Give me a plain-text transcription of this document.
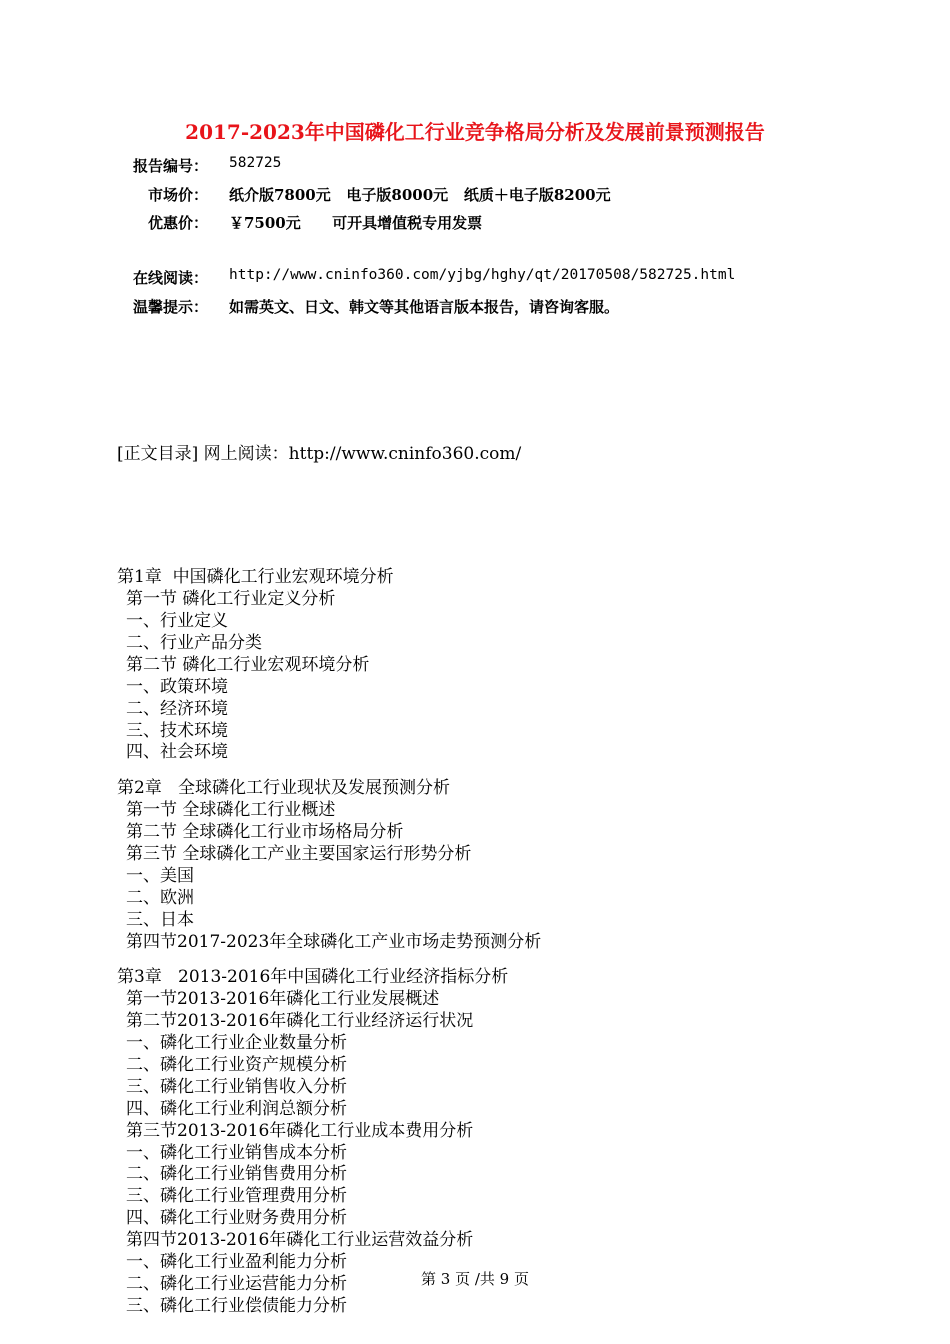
2017-2023年中国磷化工行业竞争格局分析及发展前景预测报告
报告编号： 582725
市场价： 纸介版7800元   电子版8000元   纸质＋电子版8200元
优惠价： ￥7500元      可开具增值税专用发票
在线阅读： http://www.cninfo360.com/yjbg/hghy/qt/20170508/582725.html
温馨提示： 如需英文、日文、韩文等其他语言版本报告，请咨询客服。

[正文目录] 网上阅读：http://www.cninfo360.com/

第1章  中国磷化工行业宏观环境分析
第一节 磷化工行业定义分析
一、行业定义
二、行业产品分类
第二节 磷化工行业宏观环境分析
一、政策环境
二、经济环境
三、技术环境
四、社会环境
第2章   全球磷化工行业现状及发展预测分析
第一节 全球磷化工行业概述
第二节 全球磷化工行业市场格局分析
第三节 全球磷化工产业主要国家运行形势分析
一、美国
二、欧洲
三、日本
第四节2017-2023年全球磷化工产业市场走势预测分析
第3章   2013-2016年中国磷化工行业经济指标分析
第一节2013-2016年磷化工行业发展概述
第二节2013-2016年磷化工行业经济运行状况
一、磷化工行业企业数量分析
二、磷化工行业资产规模分析
三、磷化工行业销售收入分析
四、磷化工行业利润总额分析
第三节2013-2016年磷化工行业成本费用分析
一、磷化工行业销售成本分析
二、磷化工行业销售费用分析
三、磷化工行业管理费用分析
四、磷化工行业财务费用分析
第四节2013-2016年磷化工行业运营效益分析
一、磷化工行业盈利能力分析
二、磷化工行业运营能力分析
三、磷化工行业偿债能力分析

第 3 页 /共 9 页
